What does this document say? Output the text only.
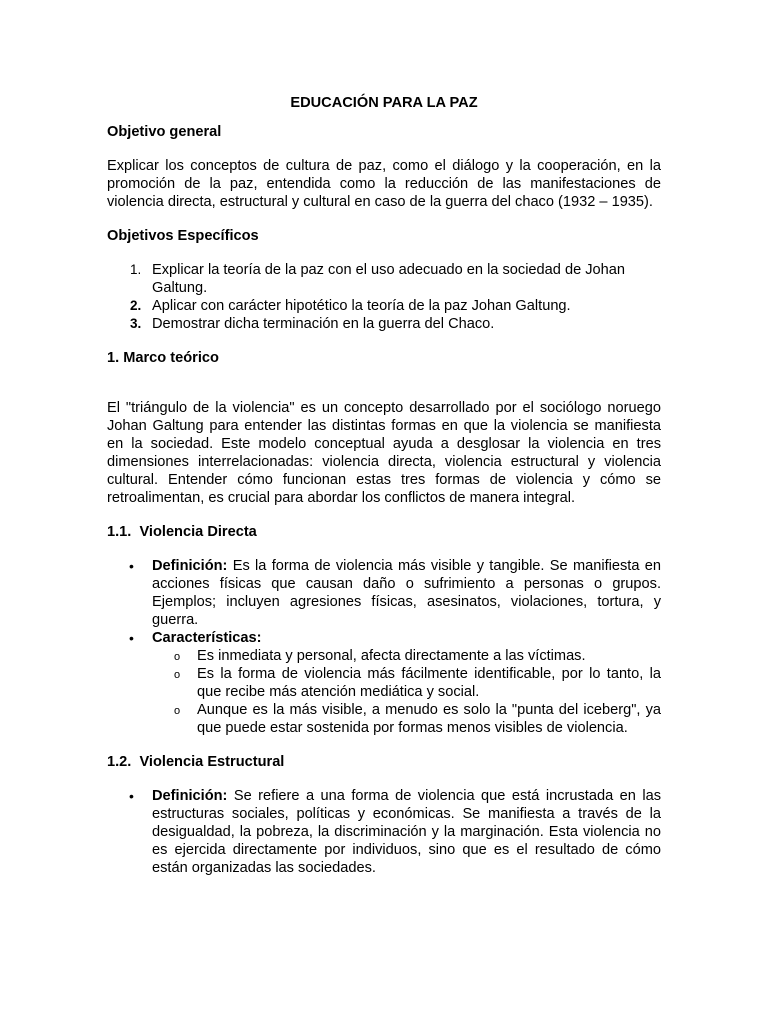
EDUCACIÓN PARA LA PAZ
Objetivo general

Explicar los conceptos de cultura de paz, como el diálogo y la cooperación, en la promoción de la paz, entendida como la reducción de las manifestaciones de violencia directa, estructural y cultural en caso de la guerra del chaco (1932 – 1935).

Objetivos Específicos
1. Explicar la teoría de la paz con el uso adecuado en la sociedad de Johan Galtung.
2. Aplicar con carácter hipotético la teoría de la paz Johan Galtung.
3. Demostrar dicha terminación en la guerra del Chaco.
1. Marco teórico

El "triángulo de la violencia" es un concepto desarrollado por el sociólogo noruego Johan Galtung para entender las distintas formas en que la violencia se manifiesta en la sociedad. Este modelo conceptual ayuda a desglosar la violencia en tres dimensiones interrelacionadas: violencia directa, violencia estructural y violencia cultural. Entender cómo funcionan estas tres formas de violencia y cómo se retroalimentan, es crucial para abordar los conflictos de manera integral.

1.1.  Violencia Directa
• Definición: Es la forma de violencia más visible y tangible. Se manifiesta en acciones físicas que causan daño o sufrimiento a personas o grupos. Ejemplos; incluyen agresiones físicas, asesinatos, violaciones, tortura, y guerra.
• Características:
o Es inmediata y personal, afecta directamente a las víctimas.
o Es la forma de violencia más fácilmente identificable, por lo tanto, la que recibe más atención mediática y social.
o Aunque es la más visible, a menudo es solo la "punta del iceberg", ya que puede estar sostenida por formas menos visibles de violencia.
1.2.  Violencia Estructural
• Definición: Se refiere a una forma de violencia que está incrustada en las estructuras sociales, políticas y económicas. Se manifiesta a través de la desigualdad, la pobreza, la discriminación y la marginación. Esta violencia no es ejercida directamente por individuos, sino que es el resultado de cómo están organizadas las sociedades.
